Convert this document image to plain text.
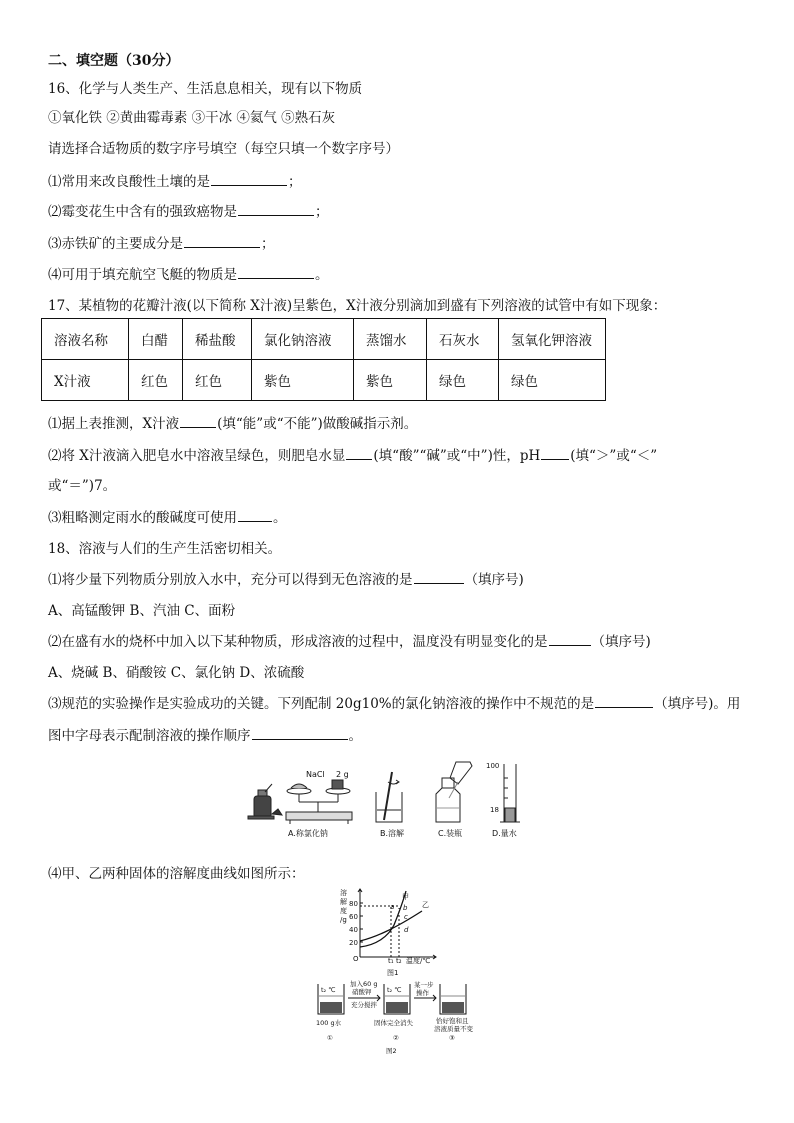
二、填空题（30分）
16、化学与人类生产、生活息息相关，现有以下物质
①氧化铁 ②黄曲霉毒素 ③干冰 ④氦气 ⑤熟石灰
请选择合适物质的数字序号填空（每空只填一个数字序号）
⑴常用来改良酸性土壤的是	；
⑵霉变花生中含有的强致癌物是	；
⑶赤铁矿的主要成分是	；
⑷可用于填充航空飞艇的物质是	。
17、某植物的花瓣汁液(以下简称 X汁液)呈紫色，X汁液分别滴加到盛有下列溶液的试管中有如下现象：
溶液名称	白醋	稀盐酸	氯化钠溶液	蒸馏水	石灰水	氢氧化钾溶液
X汁液	红色	红色	紫色	紫色	绿色	绿色
⑴据上表推测，X汁液	(填“能”或“不能”)做酸碱指示剂。
⑵将 X汁液滴入肥皂水中溶液呈绿色，则肥皂水显 (填“酸”“碱”或“中”)性，pH (填“＞”或“＜”
或“＝”)7。
⑶粗略测定雨水的酸碱度可使用	。
18、溶液与人们的生产生活密切相关。
⑴将少量下列物质分别放入水中，充分可以得到无色溶液的是	（填序号)
A、高锰酸钾 B、汽油 C、面粉
⑵在盛有水的烧杯中加入以下某种物质，形成溶液的过程中，温度没有明显变化的是	（填序号)
A、烧碱 B、硝酸铵 C、氯化钠 D、浓硫酸
⑶规范的实验操作是实验成功的关键。下列配制 20g10%的氯化钠溶液的操作中不规范的是	（填序号)。用
图中字母表示配制溶液的操作顺序	。
NaCl 2 g
100
18
A.称氯化钠	B.溶解	C.装瓶	D.量水
⑷甲、乙两种固体的溶解度曲线如图所示：
溶
解
度
/g
80
60
40
20
O	t₁ t₂ 温度/℃
甲
乙
a b
c
d
图1
t₂ ℃	t₂ ℃
加入60 g
硝酸钾
充分搅拌
某一步
操作
100 g水	固体完全消失	恰好饱和且
溶液质量不变
①	②	③
图2
